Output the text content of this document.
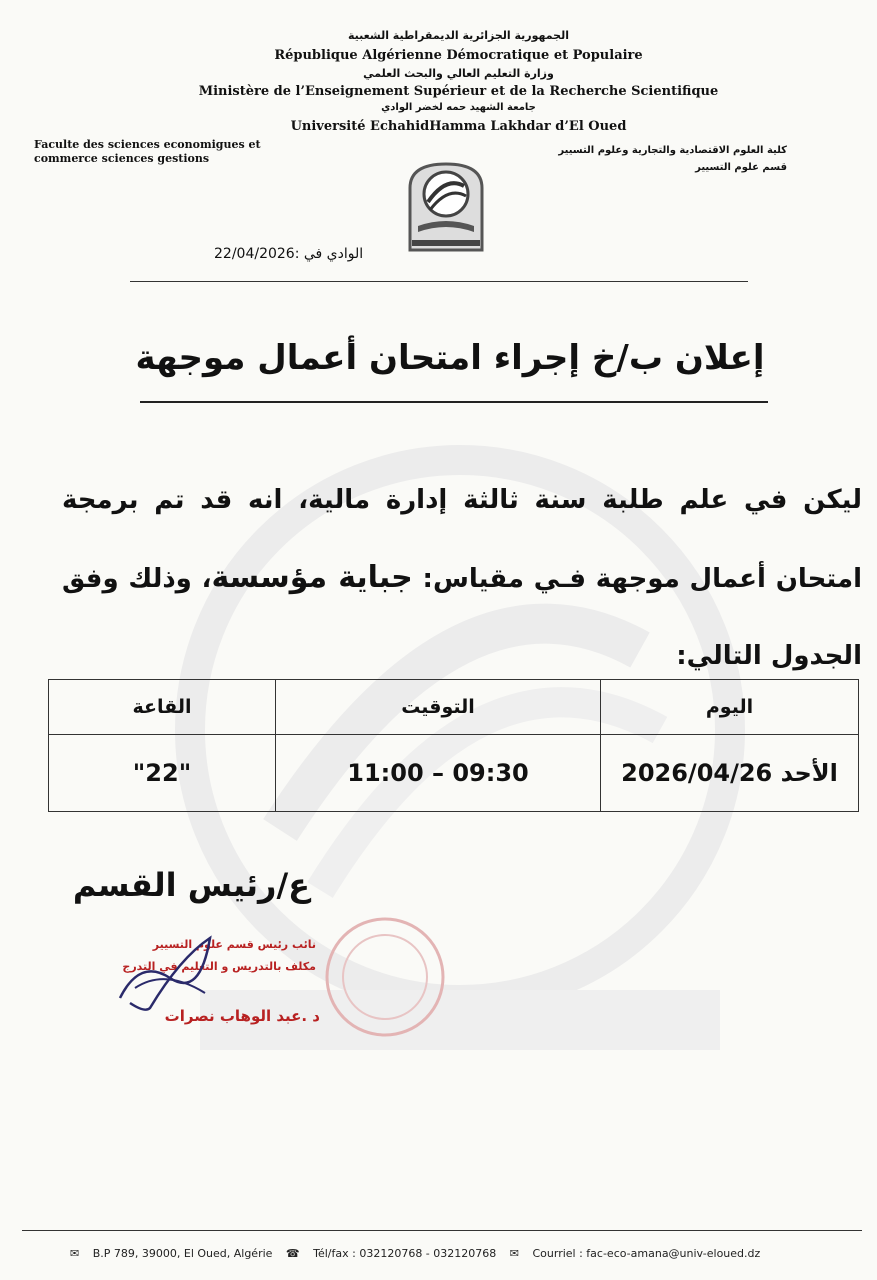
الجمهورية الجزائرية الديمقراطية الشعبية
République Algérienne Démocratique et Populaire
وزارة التعليم العالي والبحث العلمي
Ministère de l’Enseignement Supérieur et de la Recherche Scientifique
جامعة الشهيد حمه لخضر الوادي
Université EchahidHamma Lakhdar d’El Oued
Faculte des sciences economigues et commerce sciences gestions
كلية العلوم الاقتصادية والتجارية وعلوم التسيير
قسم علوم التسيير
الوادي في :22/04/2026
إعلان ب/خ إجراء امتحان أعمال موجهة
ليكن في علم طلبة سنة ثالثة إدارة مالية، انه قد تم برمجة امتحان أعمال موجهة فـي مقياس: جباية مؤسسة، وذلك وفق الجدول التالي:
اليوم	التوقيت	القاعة
الأحد 2026/04/26	11:00 – 09:30	"22"
ع/رئيس القسم
نائب رئيس قسم علوم التسيير
مكلف بالتدريس و التعليم في التدرج
د .عبد الوهاب نصرات
✉ B.P 789, 39000, El Oued, Algérie ☎ Tél/fax : 032120768 - 032120768 ✉ Courriel : fac-eco-amana@univ-eloued.dz
